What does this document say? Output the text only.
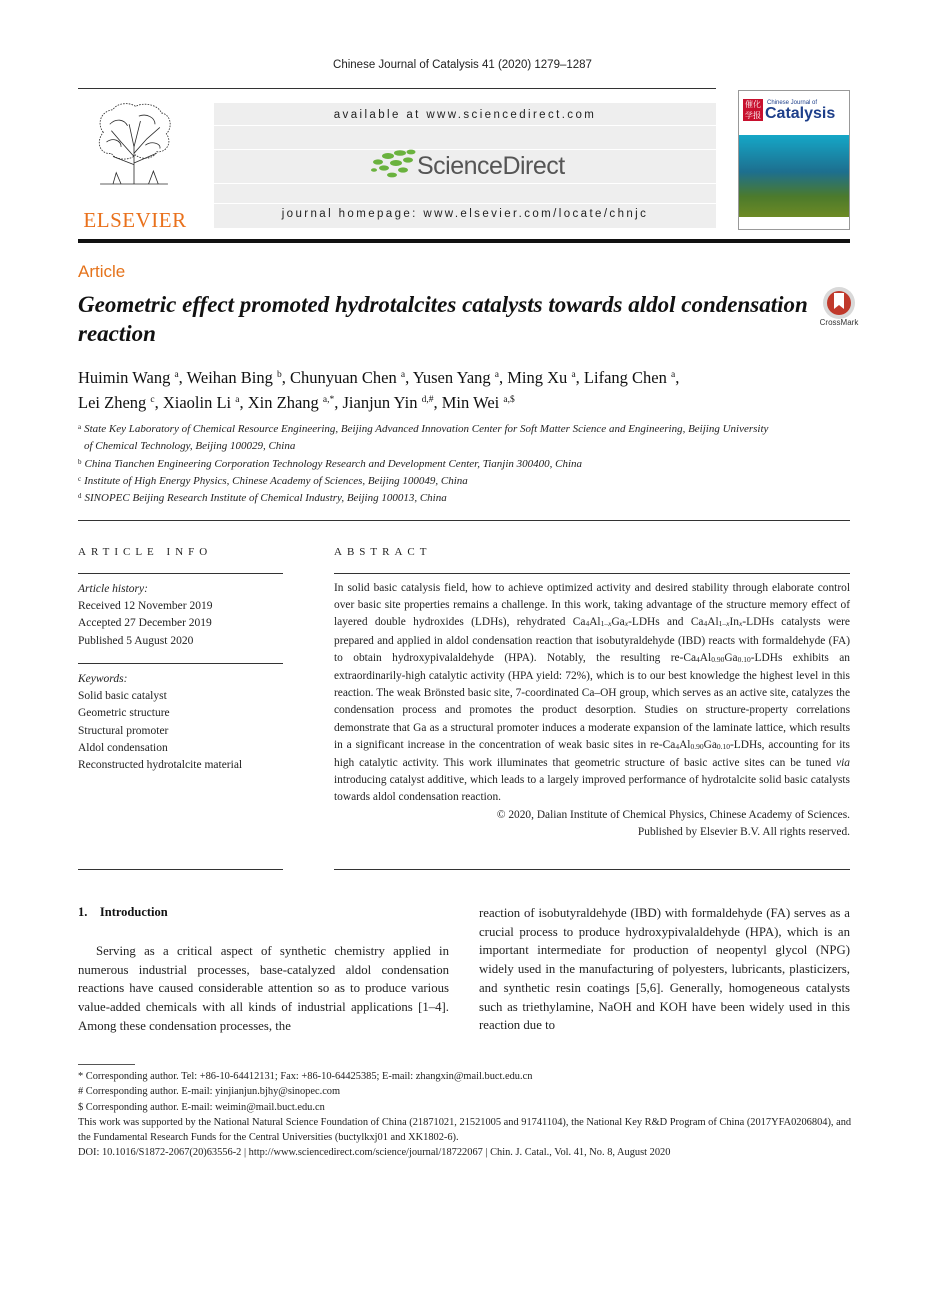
Chinese Journal of Catalysis 41 (2020) 1279–1287
ELSEVIER
available at www.sciencedirect.com
ScienceDirect
journal homepage: www.elsevier.com/locate/chnjc
催化学报
Chinese Journal of
Catalysis
Article
Geometric effect promoted hydrotalcites catalysts towards aldol condensation reaction	CrossMark
Huimin Wang $^a$, Weihan Bing $^b$, Chunyuan Chen $^a$, Yusen Yang $^a$, Ming Xu $^a$, Lifang Chen $^a$,
Lei Zheng $^c$, Xiaolin Li $^a$, Xin Zhang $^{a,*}$, Jianjun Yin $^{d,\#}$, Min Wei $^{a,\$}$
$^a$ State Key Laboratory of Chemical Resource Engineering, Beijing Advanced Innovation Center for Soft Matter Science and Engineering, Beijing University
of Chemical Technology, Beijing 100029, China
$^b$ China Tianchen Engineering Corporation Technology Research and Development Center, Tianjin 300400, China
$^c$ Institute of High Energy Physics, Chinese Academy of Sciences, Beijing 100049, China
$^d$ SINOPEC Beijing Research Institute of Chemical Industry, Beijing 100013, China
ARTICLE INFO
Article history:
Received 12 November 2019
Accepted 27 December 2019
Published 5 August 2020
Keywords:
Solid basic catalyst
Geometric structure
Structural promoter
Aldol condensation
Reconstructed hydrotalcite material
ABSTRACT
In solid basic catalysis field, how to achieve optimized activity and desired stability through elaborate control over basic site properties remains a challenge. In this work, taking advantage of the structure memory effect of layered double hydroxides (LDHs), rehydrated $Ca_4Al_{1-x}Ga_x$-LDHs and $Ca_4Al_{1-x}In_x$-LDHs catalysts were prepared and applied in aldol condensation reaction that isobutyraldehyde (IBD) reacts with formaldehyde (FA) to obtain hydroxypivalaldehyde (HPA). Notably, the resulting $re-Ca_4Al_{0.90}Ga_{0.10}$-LDHs exhibits an extraordinarily-high catalytic activity (HPA yield: 72%), which is to our best knowledge the highest level in this reaction. The weak Brönsted basic site, 7-coordinated Ca–OH group, which serves as an active site, catalyzes the condensation process and promotes the product desorption. Studies on structure-property correlations demonstrate that Ga as a structural promoter induces a moderate expansion of the laminate lattice, which results in a significant increase in the concentration of weak basic sites in $re-Ca_4Al_{0.90}Ga_{0.10}$-LDHs, accounting for its high catalytic activity. This work illuminates that geometric structure of basic active sites can be tuned via introducing catalyst additive, which leads to a largely improved performance of hydrotalcite solid basic catalysts towards aldol condensation reaction.
© 2020, Dalian Institute of Chemical Physics, Chinese Academy of Sciences.
Published by Elsevier B.V. All rights reserved.
1.    Introduction
Serving as a critical aspect of synthetic chemistry applied in numerous industrial processes, base-catalyzed aldol condensation reactions have caused considerable attention so as to produce various value-added chemicals with all kinds of industrial applications [1–4]. Among these condensation processes, the
reaction of isobutyraldehyde (IBD) with formaldehyde (FA) serves as a crucial process to produce hydroxypivalaldehyde (HPA), which is an important intermediate for production of neopentyl glycol (NPG) widely used in the manufacturing of polyesters, lubricants, plasticizers, and synthetic resin coatings [5,6]. Generally, homogeneous catalysts such as triethylamine, NaOH and KOH have been widely used in this reaction due to
* Corresponding author. Tel: +86-10-64412131; Fax: +86-10-64425385; E-mail: zhangxin@mail.buct.edu.cn
# Corresponding author. E-mail: yinjianjun.bjhy@sinopec.com
$ Corresponding author. E-mail: weimin@mail.buct.edu.cn
This work was supported by the National Natural Science Foundation of China (21871021, 21521005 and 91741104), the National Key R&D Program of China (2017YFA0206804), and the Fundamental Research Funds for the Central Universities (buctylkxj01 and XK1802-6).
DOI: 10.1016/S1872-2067(20)63556-2 | http://www.sciencedirect.com/science/journal/18722067 | Chin. J. Catal., Vol. 41, No. 8, August 2020
